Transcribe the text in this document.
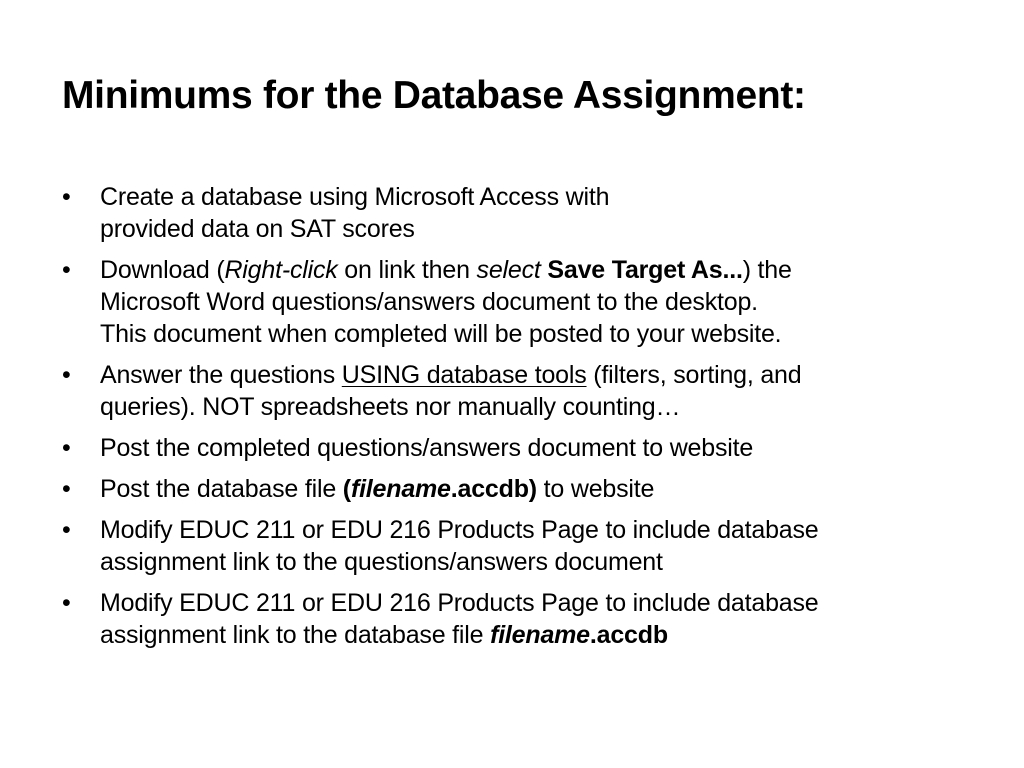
Minimums for the Database Assignment:
•	Create a database using Microsoft Access with
provided data on SAT scores
•	Download (Right-click on link then select Save Target As...) the
Microsoft Word questions/answers document to the desktop.
This document when completed will be posted to your website.
•	Answer the questions USING database tools (filters, sorting, and
queries). NOT spreadsheets nor manually counting…
•	Post the completed questions/answers document to website
•	Post the database file (filename.accdb) to website
•	Modify EDUC 211 or EDU 216 Products Page to include database
assignment link to the questions/answers document
•	Modify EDUC 211 or EDU 216 Products Page to include database
assignment link to the database file filename.accdb
